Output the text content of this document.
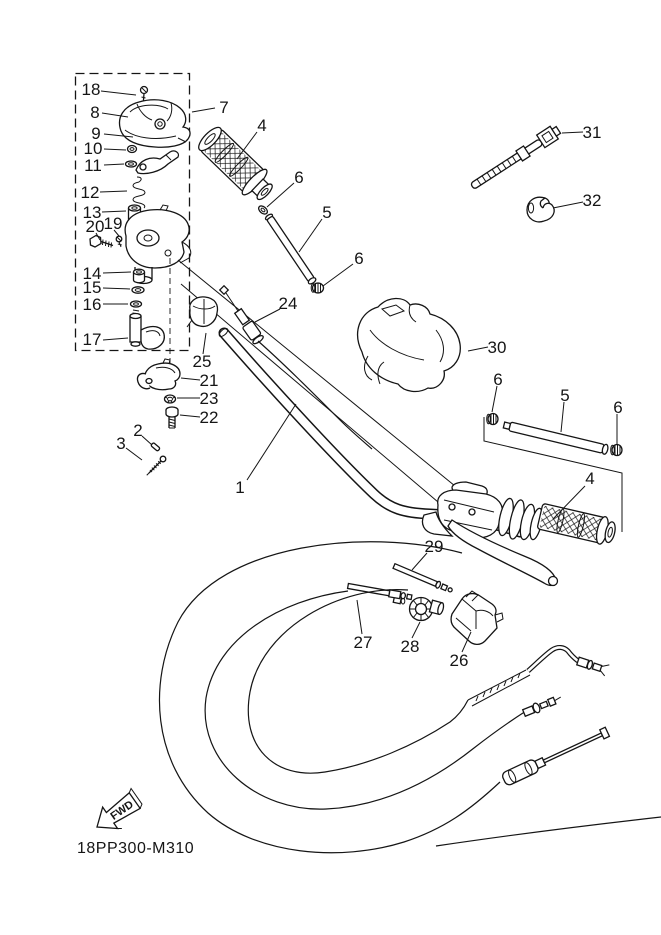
18
8
9
10
11
12
13
20 19
14
15
16
17
7
4
6
5
6
24
31
32
30
25
21
23
22
2
3
1
6
5
6
4
29
27 28
26
FWD
18PP300-M310
